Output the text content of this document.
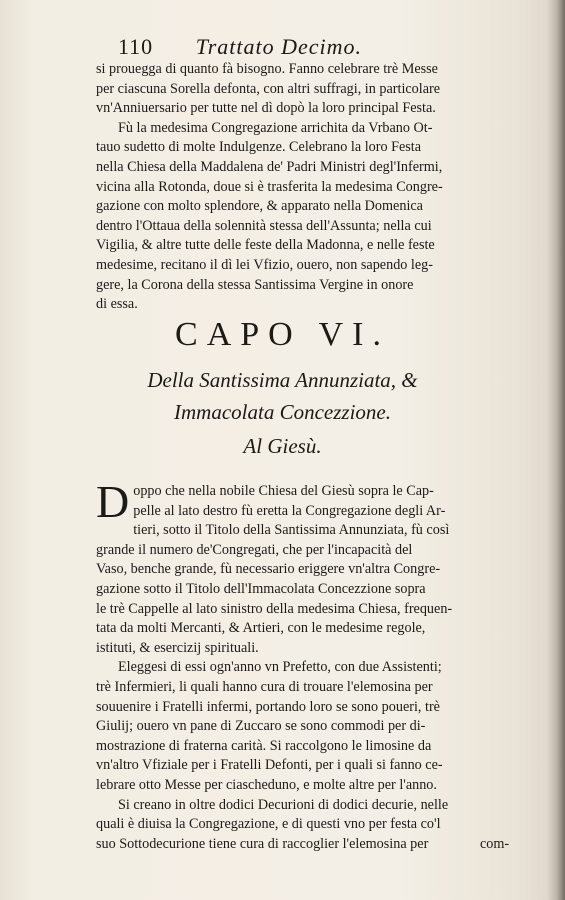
110 Trattato Decimo.
si prouegga di quanto fà bisogno. Fanno celebrare trè Messe
per ciascuna Sorella defonta, con altri suffragi, in particolare
vn'Anniuersario per tutte nel dì dopò la loro principal Festa.
Fù la medesima Congregazione arrichita da Vrbano Ot-
tauo sudetto di molte Indulgenze. Celebrano la loro Festa
nella Chiesa della Maddalena de' Padri Ministri degl'Infermi,
vicina alla Rotonda, doue si è trasferita la medesima Congre-
gazione con molto splendore, & apparato nella Domenica
dentro l'Ottaua della solennità stessa dell'Assunta; nella cui
Vigilia, & altre tutte delle feste della Madonna, e nelle feste
medesime, recitano il dì lei Vfizio, ouero, non sapendo leg-
gere, la Corona della stessa Santissima Vergine in onore
di essa.
CAPO VI.
Della Santissima Annunziata, &
Immacolata Concezzione.
Al Giesù.
D oppo che nella nobile Chiesa del Giesù sopra le Cap-
pelle al lato destro fù eretta la Congregazione degli Ar-
tieri, sotto il Titolo della Santissima Annunziata, fù così
grande il numero de'Congregati, che per l'incapacità del
Vaso, benche grande, fù necessario eriggere vn'altra Congre-
gazione sotto il Titolo dell'Immacolata Concezzione sopra
le trè Cappelle al lato sinistro della medesima Chiesa, frequen-
tata da molti Mercanti, & Artieri, con le medesime regole,
istituti, & esercizij spirituali.
Eleggesi di essi ogn'anno vn Prefetto, con due Assistenti;
trè Infermieri, li quali hanno cura di trouare l'elemosina per
souuenire i Fratelli infermi, portando loro se sono poueri, trè
Giulij; ouero vn pane di Zuccaro se sono commodi per di-
mostrazione di fraterna carità. Si raccolgono le limosine da
vn'altro Vfiziale per i Fratelli Defonti, per i quali si fanno ce-
lebrare otto Messe per ciascheduno, e molte altre per l'anno.
Si creano in oltre dodici Decurioni di dodici decurie, nelle
quali è diuisa la Congregazione, e di questi vno per festa co'l
suo Sottodecurione tiene cura di raccoglier l'elemosina per	com-
